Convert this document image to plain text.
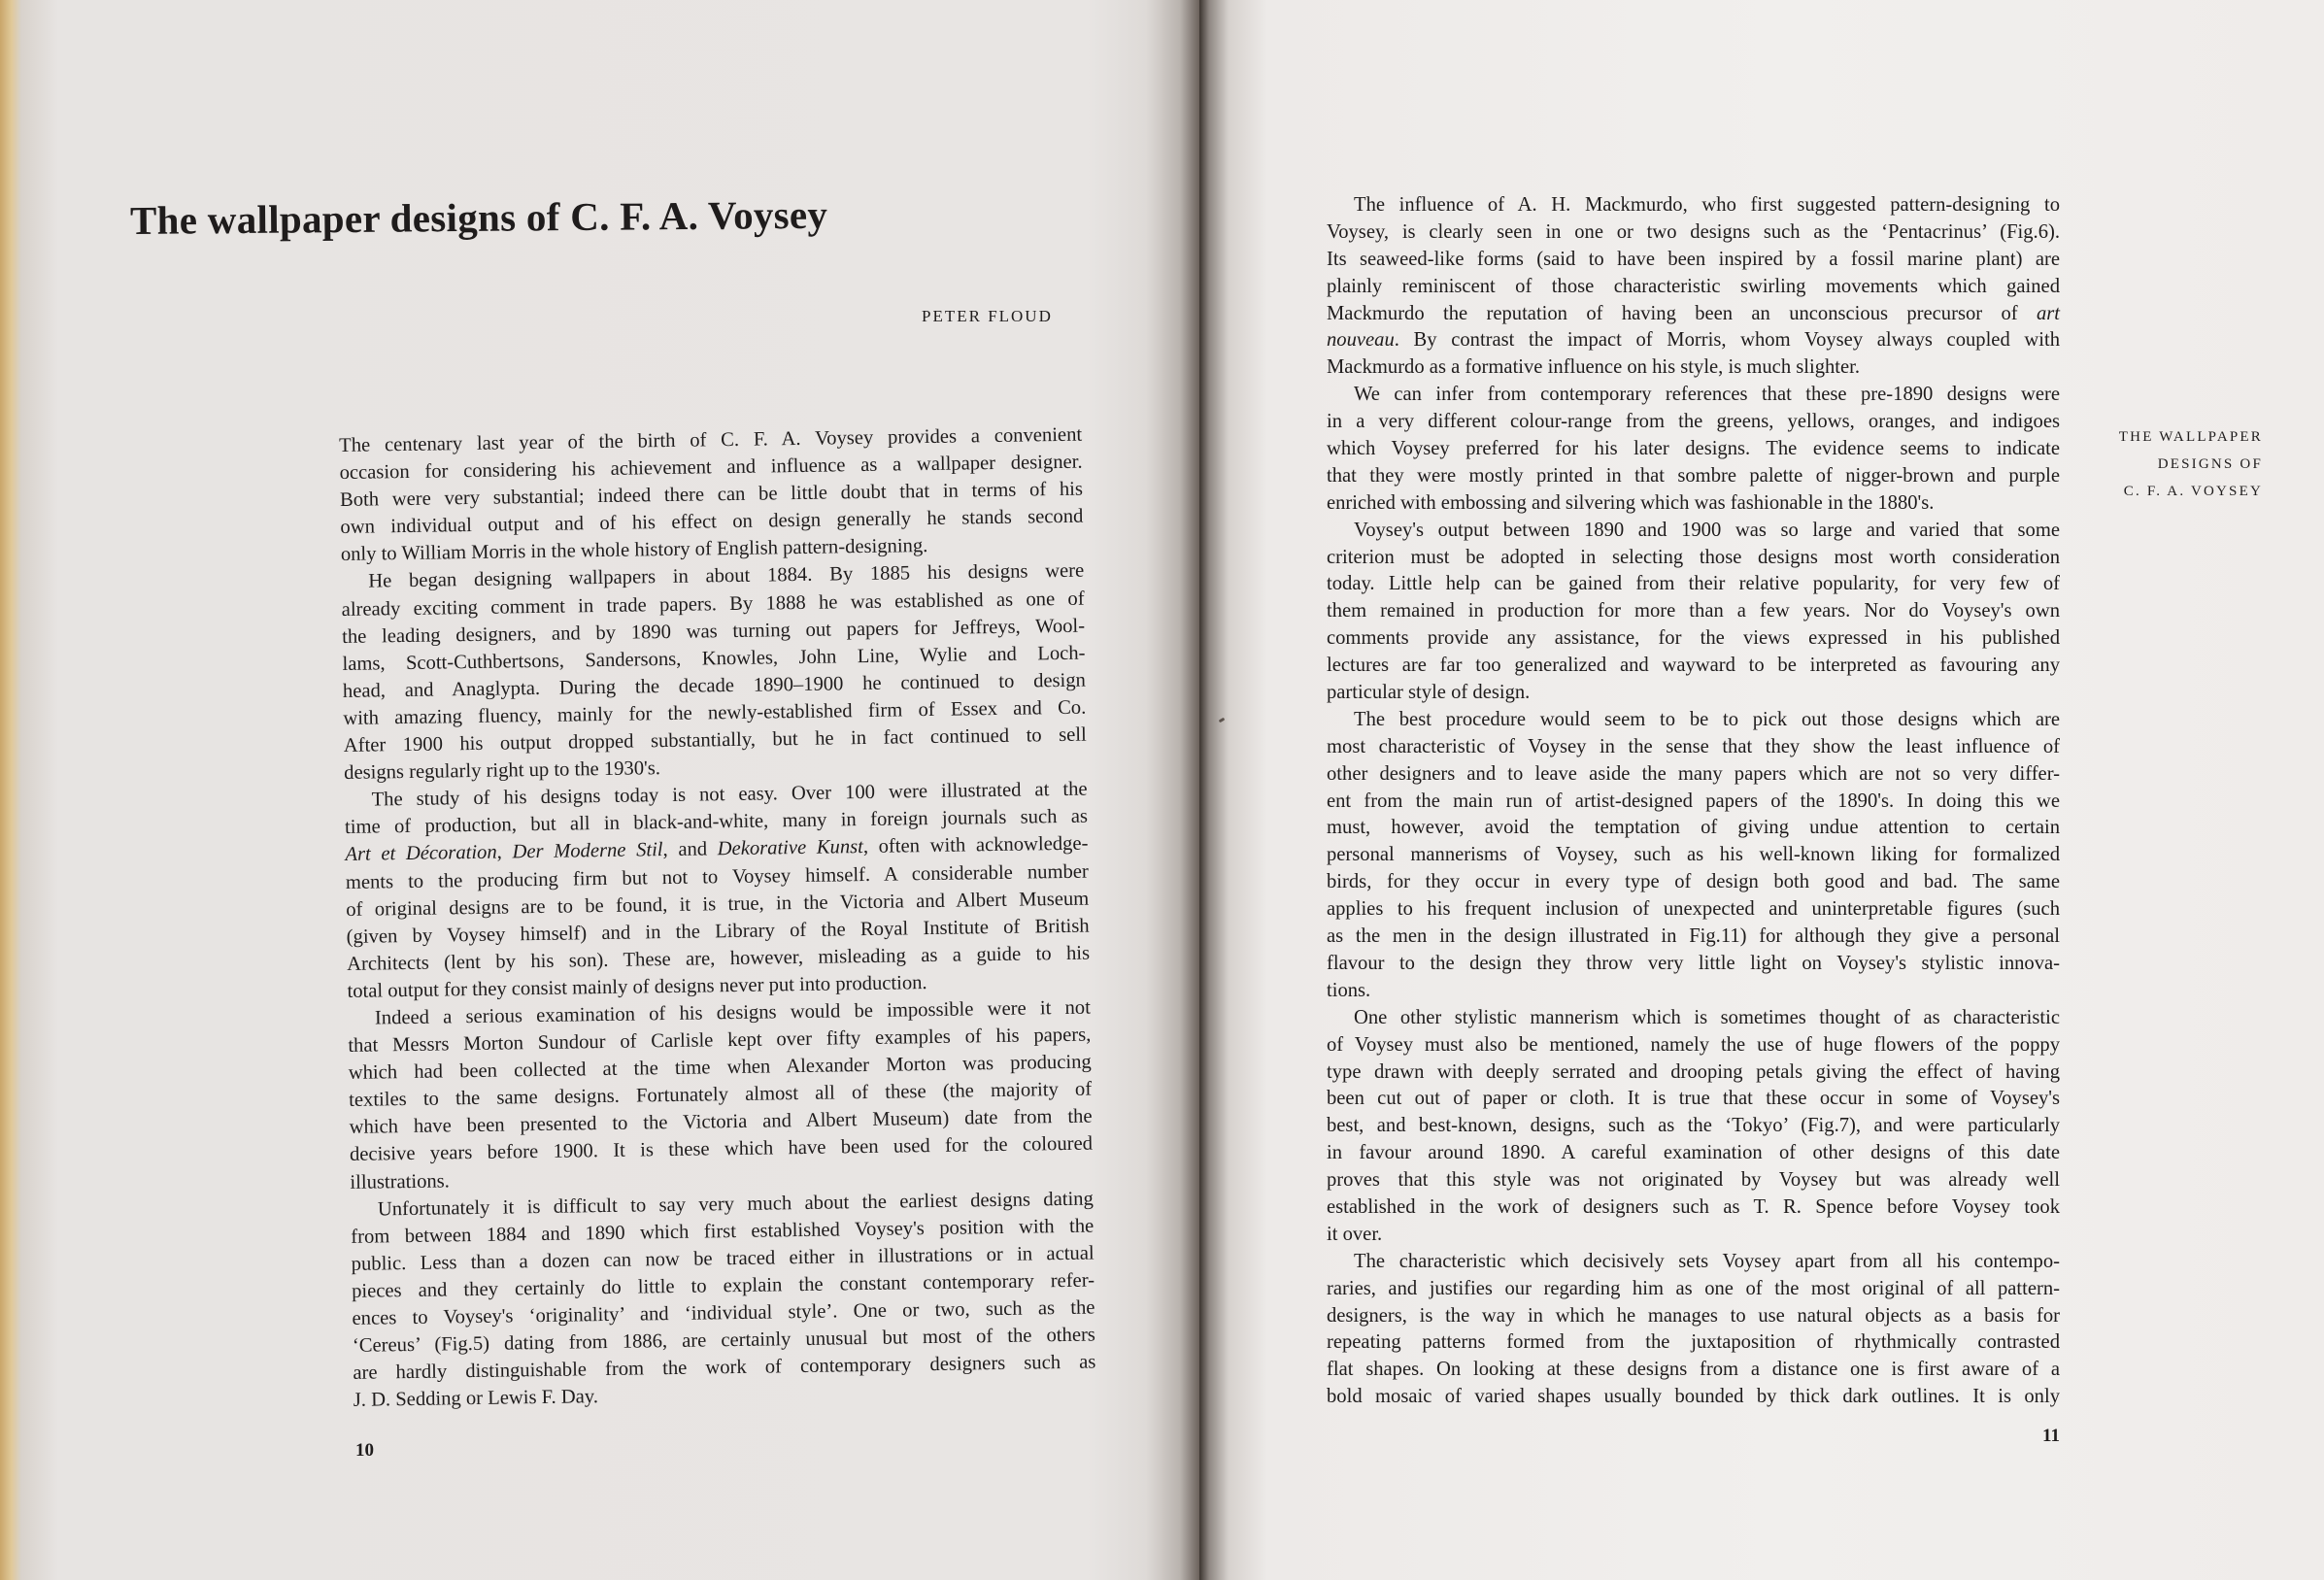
The wallpaper designs of C. F. A. Voysey
PETER FLOUD
The centenary last year of the birth of C. F. A. Voysey provides a convenient
occasion for considering his achievement and influence as a wallpaper designer.
Both were very substantial; indeed there can be little doubt that in terms of his
own individual output and of his effect on design generally he stands second
only to William Morris in the whole history of English pattern-designing.
He began designing wallpapers in about 1884. By 1885 his designs were
already exciting comment in trade papers. By 1888 he was established as one of
the leading designers, and by 1890 was turning out papers for Jeffreys, Wool-
lams, Scott-Cuthbertsons, Sandersons, Knowles, John Line, Wylie and Loch-
head, and Anaglypta. During the decade 1890–1900 he continued to design
with amazing fluency, mainly for the newly-established firm of Essex and Co.
After 1900 his output dropped substantially, but he in fact continued to sell
designs regularly right up to the 1930's.
The study of his designs today is not easy. Over 100 were illustrated at the
time of production, but all in black-and-white, many in foreign journals such as
Art et Décoration, Der Moderne Stil, and Dekorative Kunst, often with acknowledge-
ments to the producing firm but not to Voysey himself. A considerable number
of original designs are to be found, it is true, in the Victoria and Albert Museum
(given by Voysey himself) and in the Library of the Royal Institute of British
Architects (lent by his son). These are, however, misleading as a guide to his
total output for they consist mainly of designs never put into production.
Indeed a serious examination of his designs would be impossible were it not
that Messrs Morton Sundour of Carlisle kept over fifty examples of his papers,
which had been collected at the time when Alexander Morton was producing
textiles to the same designs. Fortunately almost all of these (the majority of
which have been presented to the Victoria and Albert Museum) date from the
decisive years before 1900. It is these which have been used for the coloured
illustrations.
Unfortunately it is difficult to say very much about the earliest designs dating
from between 1884 and 1890 which first established Voysey's position with the
public. Less than a dozen can now be traced either in illustrations or in actual
pieces and they certainly do little to explain the constant contemporary refer-
ences to Voysey's ‘originality’ and ‘individual style’. One or two, such as the
‘Cereus’ (Fig.5) dating from 1886, are certainly unusual but most of the others
are hardly distinguishable from the work of contemporary designers such as
J. D. Sedding or Lewis F. Day.
10
The influence of A. H. Mackmurdo, who first suggested pattern-designing to
Voysey, is clearly seen in one or two designs such as the ‘Pentacrinus’ (Fig.6).
Its seaweed-like forms (said to have been inspired by a fossil marine plant) are
plainly reminiscent of those characteristic swirling movements which gained
Mackmurdo the reputation of having been an unconscious precursor of art
nouveau. By contrast the impact of Morris, whom Voysey always coupled with
Mackmurdo as a formative influence on his style, is much slighter.
We can infer from contemporary references that these pre-1890 designs were
in a very different colour-range from the greens, yellows, oranges, and indigoes
which Voysey preferred for his later designs. The evidence seems to indicate
that they were mostly printed in that sombre palette of nigger-brown and purple
enriched with embossing and silvering which was fashionable in the 1880's.
Voysey's output between 1890 and 1900 was so large and varied that some
criterion must be adopted in selecting those designs most worth consideration
today. Little help can be gained from their relative popularity, for very few of
them remained in production for more than a few years. Nor do Voysey's own
comments provide any assistance, for the views expressed in his published
lectures are far too generalized and wayward to be interpreted as favouring any
particular style of design.
The best procedure would seem to be to pick out those designs which are
most characteristic of Voysey in the sense that they show the least influence of
other designers and to leave aside the many papers which are not so very differ-
ent from the main run of artist-designed papers of the 1890's. In doing this we
must, however, avoid the temptation of giving undue attention to certain
personal mannerisms of Voysey, such as his well-known liking for formalized
birds, for they occur in every type of design both good and bad. The same
applies to his frequent inclusion of unexpected and uninterpretable figures (such
as the men in the design illustrated in Fig.11) for although they give a personal
flavour to the design they throw very little light on Voysey's stylistic innova-
tions.
One other stylistic mannerism which is sometimes thought of as characteristic
of Voysey must also be mentioned, namely the use of huge flowers of the poppy
type drawn with deeply serrated and drooping petals giving the effect of having
been cut out of paper or cloth. It is true that these occur in some of Voysey's
best, and best-known, designs, such as the ‘Tokyo’ (Fig.7), and were particularly
in favour around 1890. A careful examination of other designs of this date
proves that this style was not originated by Voysey but was already well
established in the work of designers such as T. R. Spence before Voysey took
it over.
The characteristic which decisively sets Voysey apart from all his contempo-
raries, and justifies our regarding him as one of the most original of all pattern-
designers, is the way in which he manages to use natural objects as a basis for
repeating patterns formed from the juxtaposition of rhythmically contrasted
flat shapes. On looking at these designs from a distance one is first aware of a
bold mosaic of varied shapes usually bounded by thick dark outlines. It is only
THE WALLPAPER
DESIGNS OF
C. F. A. VOYSEY
11
